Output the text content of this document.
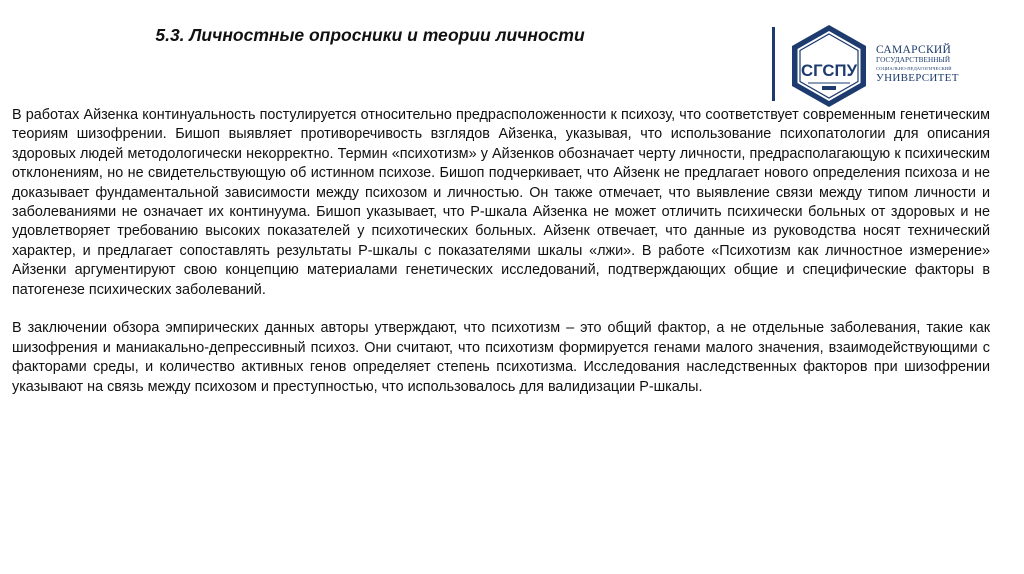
5.3. Личностные опросники и теории личности
СГСПУ
САМАРСКИЙ
ГОСУДАРСТВЕННЫЙ
СОЦИАЛЬНО-ПЕДАГОГИЧЕСКИЙ
УНИВЕРСИТЕТ

В работах Айзенка континуальность постулируется относительно предрасположенности к психозу, что соответствует современным генетическим теориям шизофрении. Бишоп выявляет противоречивость взглядов Айзенка, указывая, что использование психопатологии для описания здоровых людей методологически некорректно. Термин «психотизм» у Айзенков обозначает черту личности, предрасполагающую к психическим отклонениям, но не свидетельствующую об истинном психозе. Бишоп подчеркивает, что Айзенк не предлагает нового определения психоза и не доказывает фундаментальной зависимости между психозом и личностью. Он также отмечает, что выявление связи между типом личности и заболеваниями не означает их континуума. Бишоп указывает, что P-шкала Айзенка не может отличить психически больных от здоровых и не удовлетворяет требованию высоких показателей у психотических больных. Айзенк отвечает, что данные из руководства носят технический характер, и предлагает сопоставлять результаты P-шкалы с показателями шкалы «лжи». В работе «Психотизм как личностное измерение» Айзенки аргументируют свою концепцию материалами генетических исследований, подтверждающих общие и специфические факторы в патогенезе психических заболеваний.

В заключении обзора эмпирических данных авторы утверждают, что психотизм – это общий фактор, а не отдельные заболевания, такие как шизофрения и маниакально-депрессивный психоз. Они считают, что психотизм формируется генами малого значения, взаимодействующими с факторами среды, и количество активных генов определяет степень психотизма. Исследования наследственных факторов при шизофрении указывают на связь между психозом и преступностью, что использовалось для валидизации P-шкалы.
